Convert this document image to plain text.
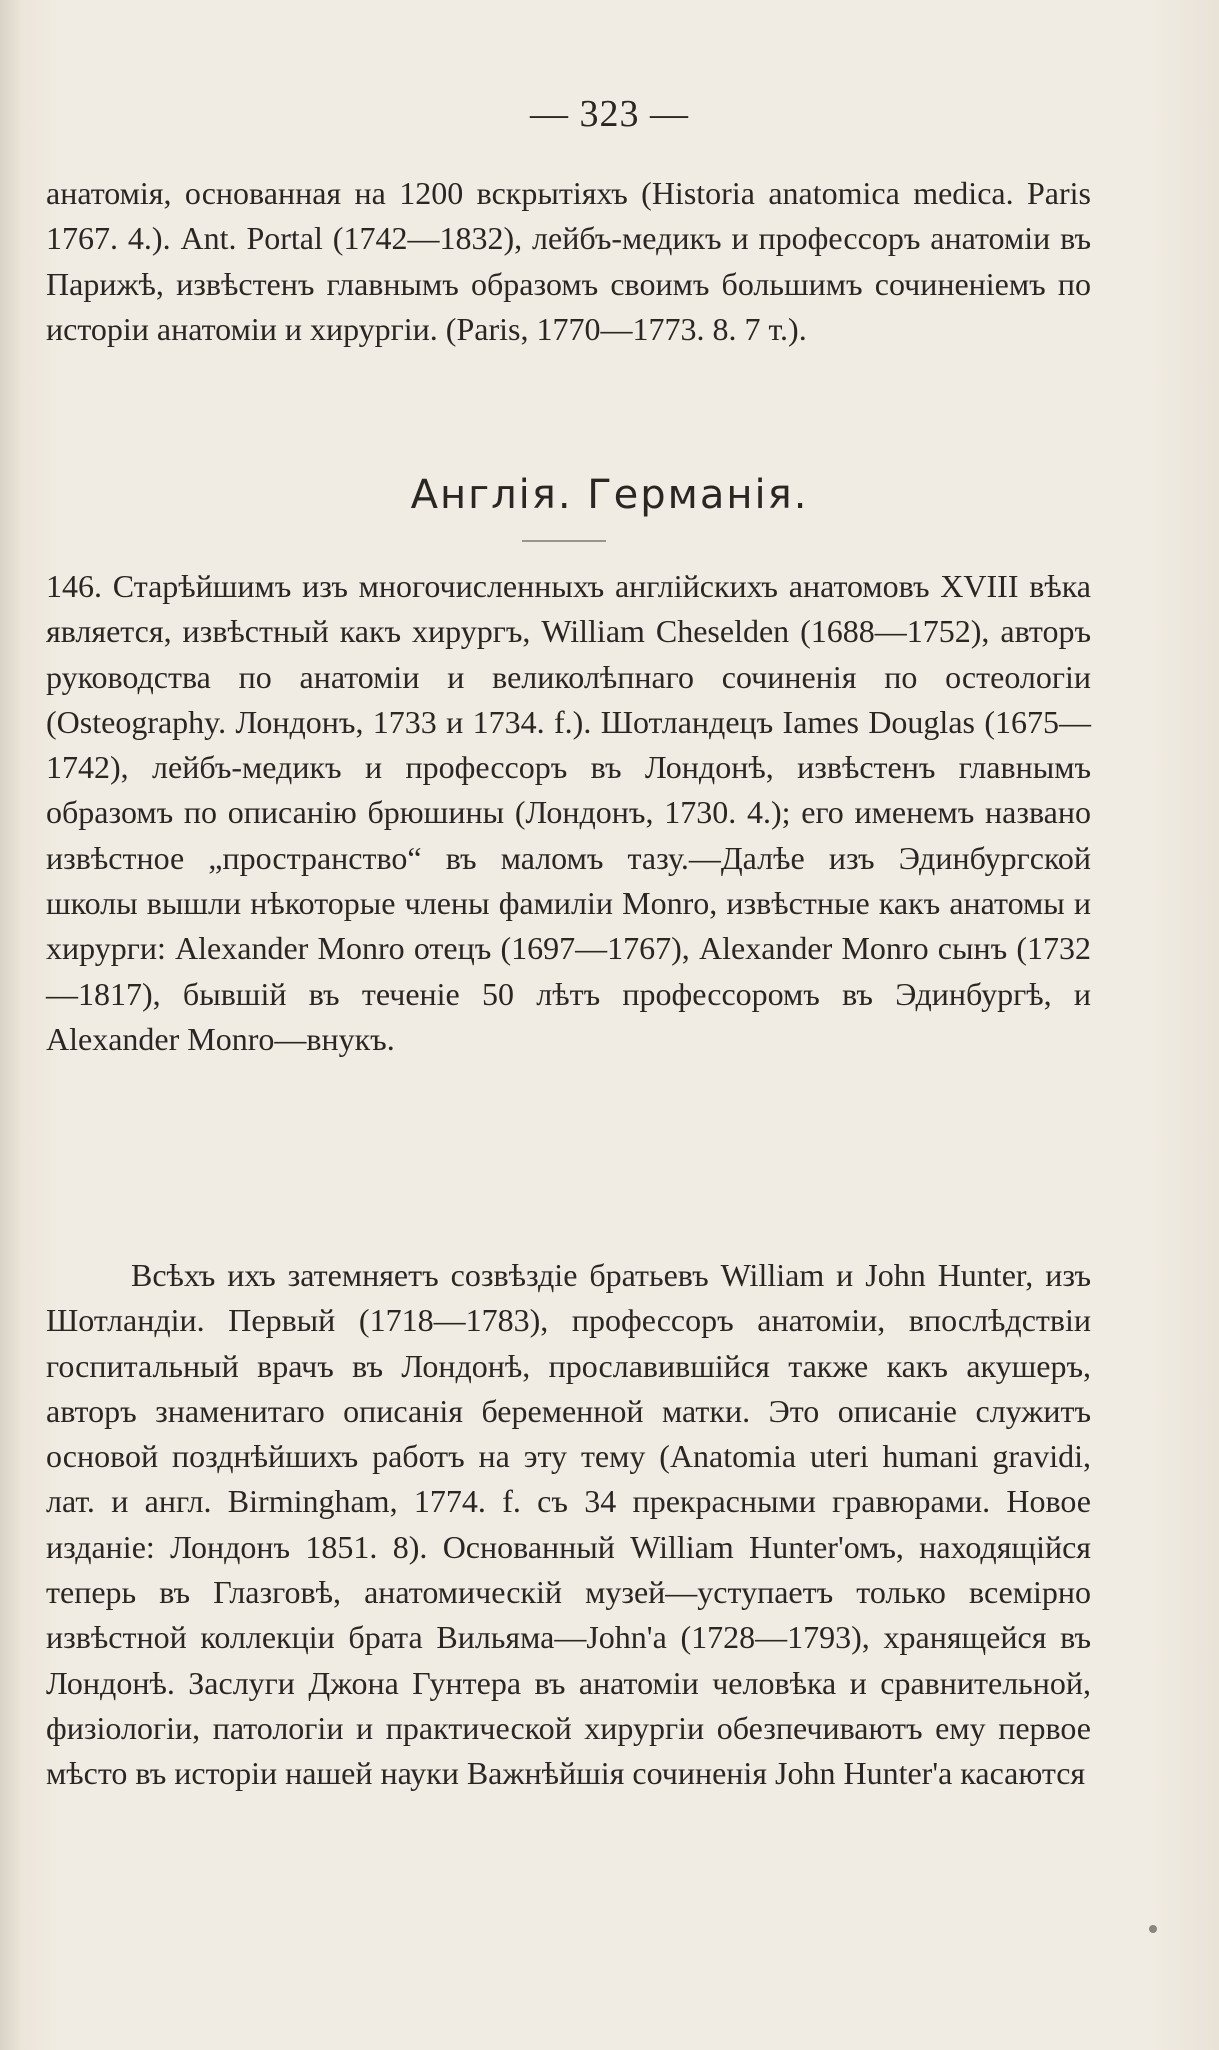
— 323 —

анатомія, основанная на 1200 вскрытіяхъ (Historia anatomica medica. Paris 1767. 4.). Ant. Portal (1742—1832), лейбъ-медикъ и профессоръ анатоміи въ Парижѣ, извѣстенъ главнымъ образомъ своимъ большимъ сочиненіемъ по исторіи анатоміи и хирургіи. (Paris, 1770—1773. 8. 7 т.).

Англія. Германія.

146. Старѣйшимъ изъ многочисленныхъ англійскихъ анатомовъ XVIII вѣка является, извѣстный какъ хирургъ, William Cheselden (1688—1752), авторъ руководства по анатоміи и великолѣпнаго сочиненія по остеологіи (Osteography. Лондонъ, 1733 и 1734. f.). Шотландецъ Iames Douglas (1675—1742), лейбъ-медикъ и профессоръ въ Лондонѣ, извѣстенъ главнымъ образомъ по описанію брюшины (Лондонъ, 1730. 4.); его именемъ названо извѣстное „пространство“ въ маломъ тазу.—Далѣе изъ Эдинбургской школы вышли нѣкоторые члены фамиліи Monro, извѣстные какъ анатомы и хирурги: Alexander Monro отецъ (1697—1767), Alexander Monro сынъ (1732—1817), бывшій въ теченіе 50 лѣтъ профессоромъ въ Эдинбургѣ, и Alexander Monro—внукъ.

Всѣхъ ихъ затемняетъ созвѣздіе братьевъ William и John Hunter, изъ Шотландіи. Первый (1718—1783), профессоръ анатоміи, впослѣдствіи госпитальный врачъ въ Лондонѣ, прославившійся также какъ акушеръ, авторъ знаменитаго описанія беременной матки. Это описаніе служитъ основой позднѣйшихъ работъ на эту тему (Anatomia uteri humani gravidi, лат. и англ. Birmingham, 1774. f. съ 34 прекрасными гравюрами. Новое изданіе: Лондонъ 1851. 8). Основанный William Hunter'омъ, находящійся теперь въ Глазговѣ, анатомическій музей—уступаетъ только всемірно извѣстной коллекціи брата Вильяма—John'а (1728—1793), хранящейся въ Лондонѣ. Заслуги Джона Гунтера въ анатоміи человѣка и сравнительной, физіологіи, патологіи и практической хирургіи обезпечиваютъ ему первое мѣсто въ исторіи нашей науки Важнѣйшія сочиненія John Hunter'а касаются
